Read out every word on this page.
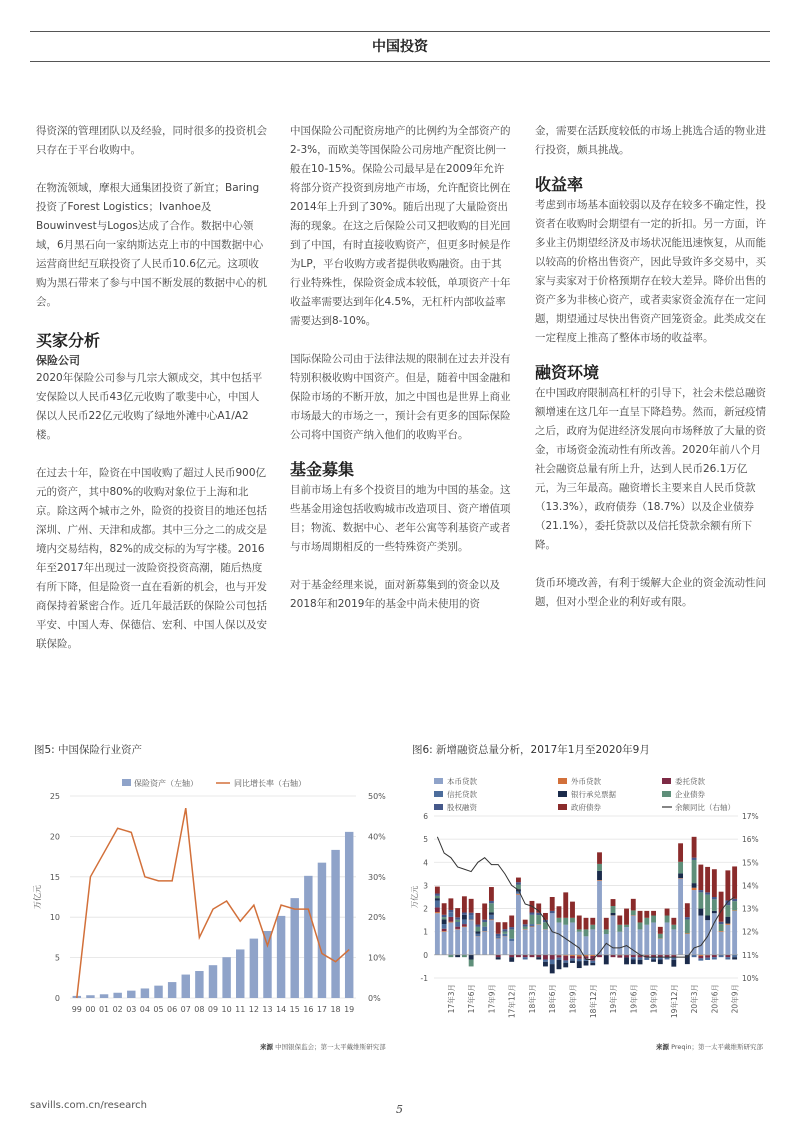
中国投资

得资深的管理团队以及经验，同时很多的投资机会只存在于平台收购中。

在物流领域，摩根大通集团投资了新宜；Baring投资了Forest Logistics；Ivanhoe及Bouwinvest与Logos达成了合作。数据中心领域，6月黑石向一家纳斯达克上市的中国数据中心运营商世纪互联投资了人民币10.6亿元。这项收购为黑石带来了参与中国不断发展的数据中心的机会。

买家分析
保险公司

2020年保险公司参与几宗大额成交，其中包括平安保险以人民币43亿元收购了歌斐中心，中国人保以人民币22亿元收购了绿地外滩中心A1/A2楼。

在过去十年，险资在中国收购了超过人民币900亿元的资产，其中80%的收购对象位于上海和北京。除这两个城市之外，险资的投资目的地还包括深圳、广州、天津和成都。其中三分之二的成交是境内交易结构，82%的成交标的为写字楼。2016年至2017年出现过一波险资投资高潮，随后热度有所下降，但是险资一直在看新的机会，也与开发商保持着紧密合作。近几年最活跃的保险公司包括平安、中国人寿、保德信、宏利、中国人保以及安联保险。

中国保险公司配资房地产的比例约为全部资产的2-3%，而欧美等国保险公司房地产配资比例一般在10-15%。保险公司最早是在2009年允许将部分资产投资到房地产市场，允许配资比例在2014年上升到了30%。随后出现了大量险资出海的现象。在这之后保险公司又把收购的目光回到了中国，有时直接收购资产，但更多时候是作为LP，平台收购方或者提供收购融资。由于其行业特殊性，保险资金成本较低，单项资产十年收益率需要达到年化4.5%，无杠杆内部收益率需要达到8-10%。

国际保险公司由于法律法规的限制在过去并没有特别积极收购中国资产。但是，随着中国金融和保险市场的不断开放，加之中国也是世界上商业市场最大的市场之一，预计会有更多的国际保险公司将中国资产纳入他们的收购平台。

基金募集

目前市场上有多个投资目的地为中国的基金。这些基金用途包括收购城市改造项目、资产增值项目；物流、数据中心、老年公寓等利基资产或者与市场周期相反的一些特殊资产类别。

对于基金经理来说，面对新募集到的资金以及2018年和2019年的基金中尚未使用的资

金，需要在活跃度较低的市场上挑选合适的物业进行投资，颇具挑战。

收益率

考虑到市场基本面较弱以及存在较多不确定性，投资者在收购时会期望有一定的折扣。另一方面，许多业主仍期望经济及市场状况能迅速恢复，从而能以较高的价格出售资产，因此导致许多交易中，买家与卖家对于价格预期存在较大差异。降价出售的资产多为非核心资产，或者卖家资金流存在一定问题，期望通过尽快出售资产回笼资金。此类成交在一定程度上推高了整体市场的收益率。

融资环境

在中国政府限制高杠杆的引导下，社会未偿总融资额增速在这几年一直呈下降趋势。然而，新冠疫情之后，政府为促进经济发展向市场释放了大量的资金，市场资金流动性有所改善。2020年前八个月社会融资总量有所上升，达到人民币26.1万亿元，为三年最高。融资增长主要来自人民币贷款（13.3%），政府债券（18.7%）以及企业债券（21.1%），委托贷款以及信托贷款余额有所下降。

货币环境改善，有利于缓解大企业的资金流动性问题，但对小型企业的利好或有限。

图5: 中国保险行业资产
0
5
10
15
20
25
0%
10%
20%
30%
40%
50%
万亿元
保险资产（左轴）	同比增长率（右轴）
99 00 01 02 03 04 05 06 07 08 09 10 11 12 13 14 15 16 17 18 19
来源 中国银保监会；第一太平戴维斯研究部
图6: 新增融资总量分析，2017年1月至2020年9月
-1
0
1
2
3
4
5
6
10%
11%
12%
13%
14%
15%
16%
17%
万亿元
本币贷款	外币贷款	委托贷款
信托贷款	银行承兑票据	企业债券
股权融资	政府债券	余额同比（右轴）
17年3月 17年6月 17年9月 17年12月 18年3月 18年6月 18年9月 18年12月 19年3月 19年6月 19年9月 19年12月 20年3月 20年6月 20年9月
来源 Preqin；第一太平戴维斯研究部
savills.com.cn/research	5
